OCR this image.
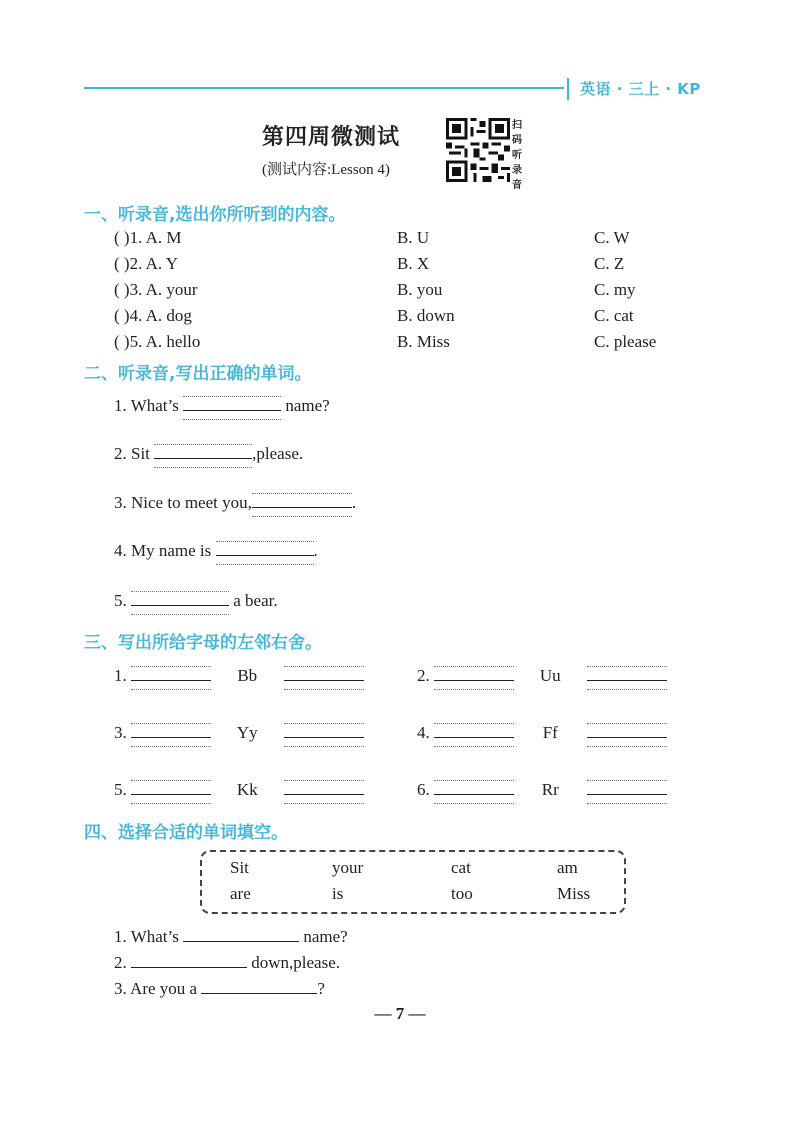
英语 · 三上 · KP
第四周微测试
(测试内容:Lesson 4)
扫
码
听
录
音
一、听录音,选出你所听到的内容。
( )1. A. M	B. U	C. W
( )2. A. Y	B. X	C. Z
( )3. A. your	B. you	C. my
( )4. A. dog	B. down	C. cat
( )5. A. hello	B. Miss	C. please
二、听录音,写出正确的单词。
1. What’s	name?
2. Sit	,please.
3. Nice to meet you,	.
4. My name is	.
5.	a bear.
三、写出所给字母的左邻右舍。
1.	Bb	2.	Uu
3.	Yy	4.	Ff
5.	Kk	6.	Rr
四、选择合适的单词填空。
Sit	your	cat	am
are	is	too	Miss
1. What’s	name?
2.	down,please.
3. Are you a	?
— 7 —
